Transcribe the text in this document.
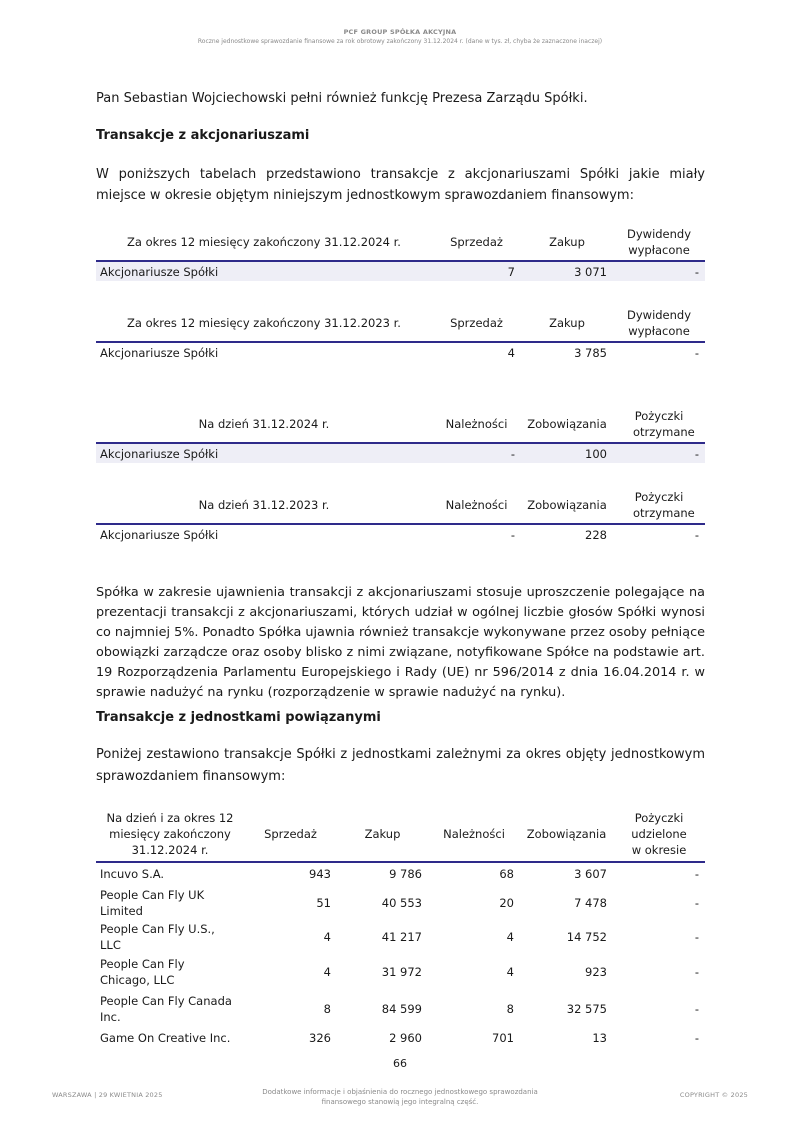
PCF GROUP SPÓŁKA AKCYJNA
Roczne jednostkowe sprawozdanie finansowe za rok obrotowy zakończony 31.12.2024 r. (dane w tys. zł, chyba że zaznaczone inaczej)
Pan Sebastian Wojciechowski pełni również funkcję Prezesa Zarządu Spółki.
Transakcje z akcjonariuszami
W poniższych tabelach przedstawiono transakcje z akcjonariuszami Spółki jakie miały miejsce w okresie objętym niniejszym jednostkowym sprawozdaniem finansowym:
Za okres 12 miesięcy zakończony 31.12.2024 r.	Sprzedaż	Zakup	Dywidendy wypłacone
Akcjonariusze Spółki	7	3 071	-
Za okres 12 miesięcy zakończony 31.12.2023 r.	Sprzedaż	Zakup	Dywidendy wypłacone
Akcjonariusze Spółki	4	3 785	-
Na dzień 31.12.2024 r.	Należności	Zobowiązania	Pożyczki otrzymane
Akcjonariusze Spółki	-	100	-
Na dzień 31.12.2023 r.	Należności	Zobowiązania	Pożyczki otrzymane
Akcjonariusze Spółki	-	228	-
Spółka w zakresie ujawnienia transakcji z akcjonariuszami stosuje uproszczenie polegające na prezentacji transakcji z akcjonariuszami, których udział w ogólnej liczbie głosów Spółki wynosi co najmniej 5%. Ponadto Spółka ujawnia również transakcje wykonywane przez osoby pełniące obowiązki zarządcze oraz osoby blisko z nimi związane, notyfikowane Spółce na podstawie art. 19 Rozporządzenia Parlamentu Europejskiego i Rady (UE) nr 596/2014 z dnia 16.04.2014 r. w sprawie nadużyć na rynku (rozporządzenie w sprawie nadużyć na rynku).
Transakcje z jednostkami powiązanymi
Poniżej zestawiono transakcje Spółki z jednostkami zależnymi za okres objęty jednostkowym sprawozdaniem finansowym:
Na dzień i za okres 12 miesięcy zakończony 31.12.2024 r.	Sprzedaż	Zakup	Należności	Zobowiązania	Pożyczki udzielone w okresie
Incuvo S.A.	943	9 786	68	3 607	-
People Can Fly UK Limited	51	40 553	20	7 478	-
People Can Fly U.S., LLC	4	41 217	4	14 752	-
People Can Fly Chicago, LLC	4	31 972	4	923	-
People Can Fly Canada Inc.	8	84 599	8	32 575	-
Game On Creative Inc.	326	2 960	701	13	-
66
WARSZAWA | 29 KWIETNIA 2025	Dodatkowe informacje i objaśnienia do rocznego jednostkowego sprawozdania finansowego stanowią jego integralną część.
COPYRIGHT © 2025
